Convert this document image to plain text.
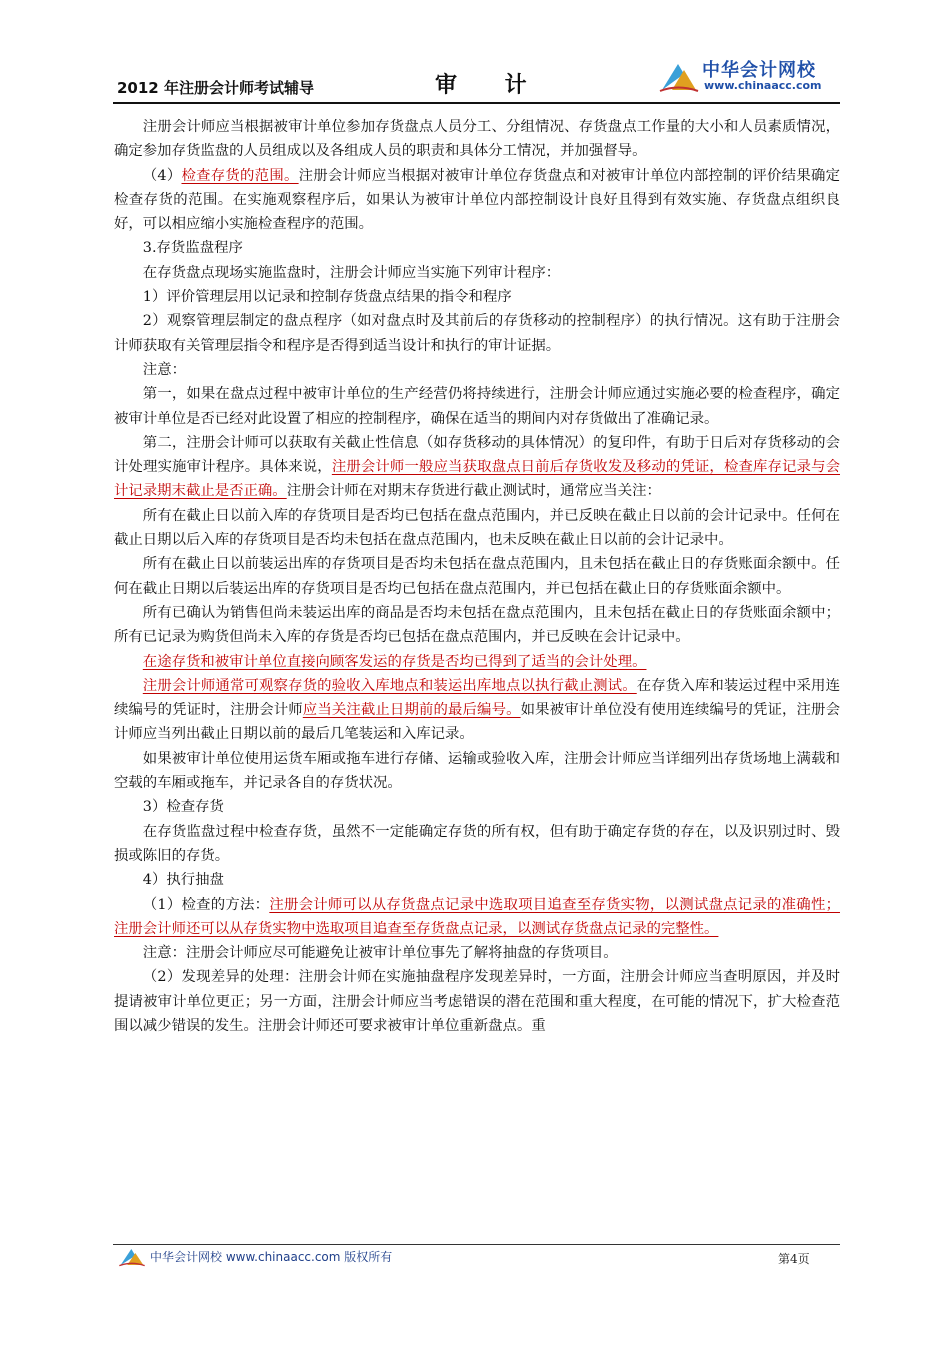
2012 年注册会计师考试辅导	审 计
中华会计网校
www.chinaacc.com

注册会计师应当根据被审计单位参加存货盘点人员分工、分组情况、存货盘点工作量的大小和人员素质情况，确定参加存货监盘的人员组成以及各组成人员的职责和具体分工情况，并加强督导。

（4）检查存货的范围。注册会计师应当根据对被审计单位存货盘点和对被审计单位内部控制的评价结果确定检查存货的范围。在实施观察程序后，如果认为被审计单位内部控制设计良好且得到有效实施、存货盘点组织良好，可以相应缩小实施检查程序的范围。

3.存货监盘程序

在存货盘点现场实施监盘时，注册会计师应当实施下列审计程序：

1）评价管理层用以记录和控制存货盘点结果的指令和程序

2）观察管理层制定的盘点程序（如对盘点时及其前后的存货移动的控制程序）的执行情况。这有助于注册会计师获取有关管理层指令和程序是否得到适当设计和执行的审计证据。

注意：

第一，如果在盘点过程中被审计单位的生产经营仍将持续进行，注册会计师应通过实施必要的检查程序，确定被审计单位是否已经对此设置了相应的控制程序，确保在适当的期间内对存货做出了准确记录。

第二，注册会计师可以获取有关截止性信息（如存货移动的具体情况）的复印件，有助于日后对存货移动的会计处理实施审计程序。具体来说，注册会计师一般应当获取盘点日前后存货收发及移动的凭证，检查库存记录与会计记录期末截止是否正确。注册会计师在对期末存货进行截止测试时，通常应当关注：

所有在截止日以前入库的存货项目是否均已包括在盘点范围内，并已反映在截止日以前的会计记录中。任何在截止日期以后入库的存货项目是否均未包括在盘点范围内，也未反映在截止日以前的会计记录中。

所有在截止日以前装运出库的存货项目是否均未包括在盘点范围内，且未包括在截止日的存货账面余额中。任何在截止日期以后装运出库的存货项目是否均已包括在盘点范围内，并已包括在截止日的存货账面余额中。

所有已确认为销售但尚未装运出库的商品是否均未包括在盘点范围内，且未包括在截止日的存货账面余额中；所有已记录为购货但尚未入库的存货是否均已包括在盘点范围内，并已反映在会计记录中。

在途存货和被审计单位直接向顾客发运的存货是否均已得到了适当的会计处理。

注册会计师通常可观察存货的验收入库地点和装运出库地点以执行截止测试。在存货入库和装运过程中采用连续编号的凭证时，注册会计师应当关注截止日期前的最后编号。如果被审计单位没有使用连续编号的凭证，注册会计师应当列出截止日期以前的最后几笔装运和入库记录。

如果被审计单位使用运货车厢或拖车进行存储、运输或验收入库，注册会计师应当详细列出存货场地上满载和空载的车厢或拖车，并记录各自的存货状况。

3）检查存货

在存货监盘过程中检查存货，虽然不一定能确定存货的所有权，但有助于确定存货的存在，以及识别过时、毁损或陈旧的存货。

4）执行抽盘

（1）检查的方法：注册会计师可以从存货盘点记录中选取项目追查至存货实物，以测试盘点记录的准确性；注册会计师还可以从存货实物中选取项目追查至存货盘点记录，以测试存货盘点记录的完整性。

注意：注册会计师应尽可能避免让被审计单位事先了解将抽盘的存货项目。

（2）发现差异的处理：注册会计师在实施抽盘程序发现差异时，一方面，注册会计师应当查明原因，并及时提请被审计单位更正；另一方面，注册会计师应当考虑错误的潜在范围和重大程度，在可能的情况下，扩大检查范围以减少错误的发生。注册会计师还可要求被审计单位重新盘点。重

中华会计网校 www.chinaacc.com 版权所有	第4页
